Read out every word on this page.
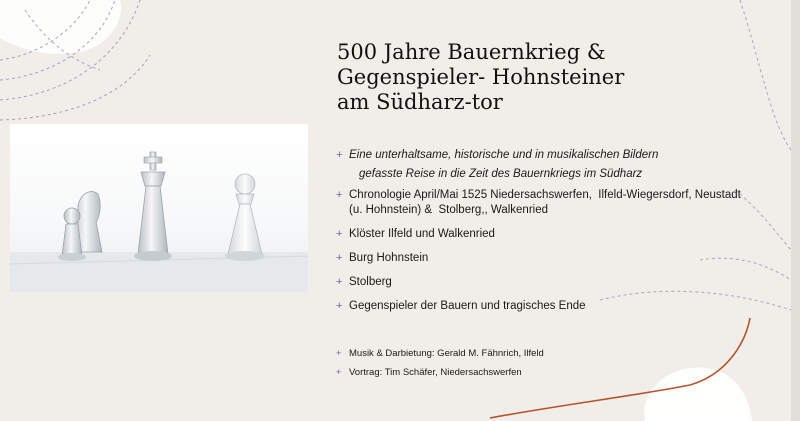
500 Jahre Bauernkrieg &
Gegenspieler- Hohnsteiner
am Südharz-tor
+ Eine unterhaltsame, historische und in musikalischen Bildern
gefasste Reise in die Zeit des Bauernkriegs im Südharz
+ Chronologie April/Mai 1525 Niedersachswerfen,  Ilfeld-Wiegersdorf, Neustadt (u. Hohnstein) &  Stolberg,, Walkenried
+ Klöster Ilfeld und Walkenried
+ Burg Hohnstein
+ Stolberg
+ Gegenspieler der Bauern und tragisches Ende
+ Musik & Darbietung: Gerald M. Fähnrich, Ilfeld
+ Vortrag: Tim Schäfer, Niedersachswerfen
